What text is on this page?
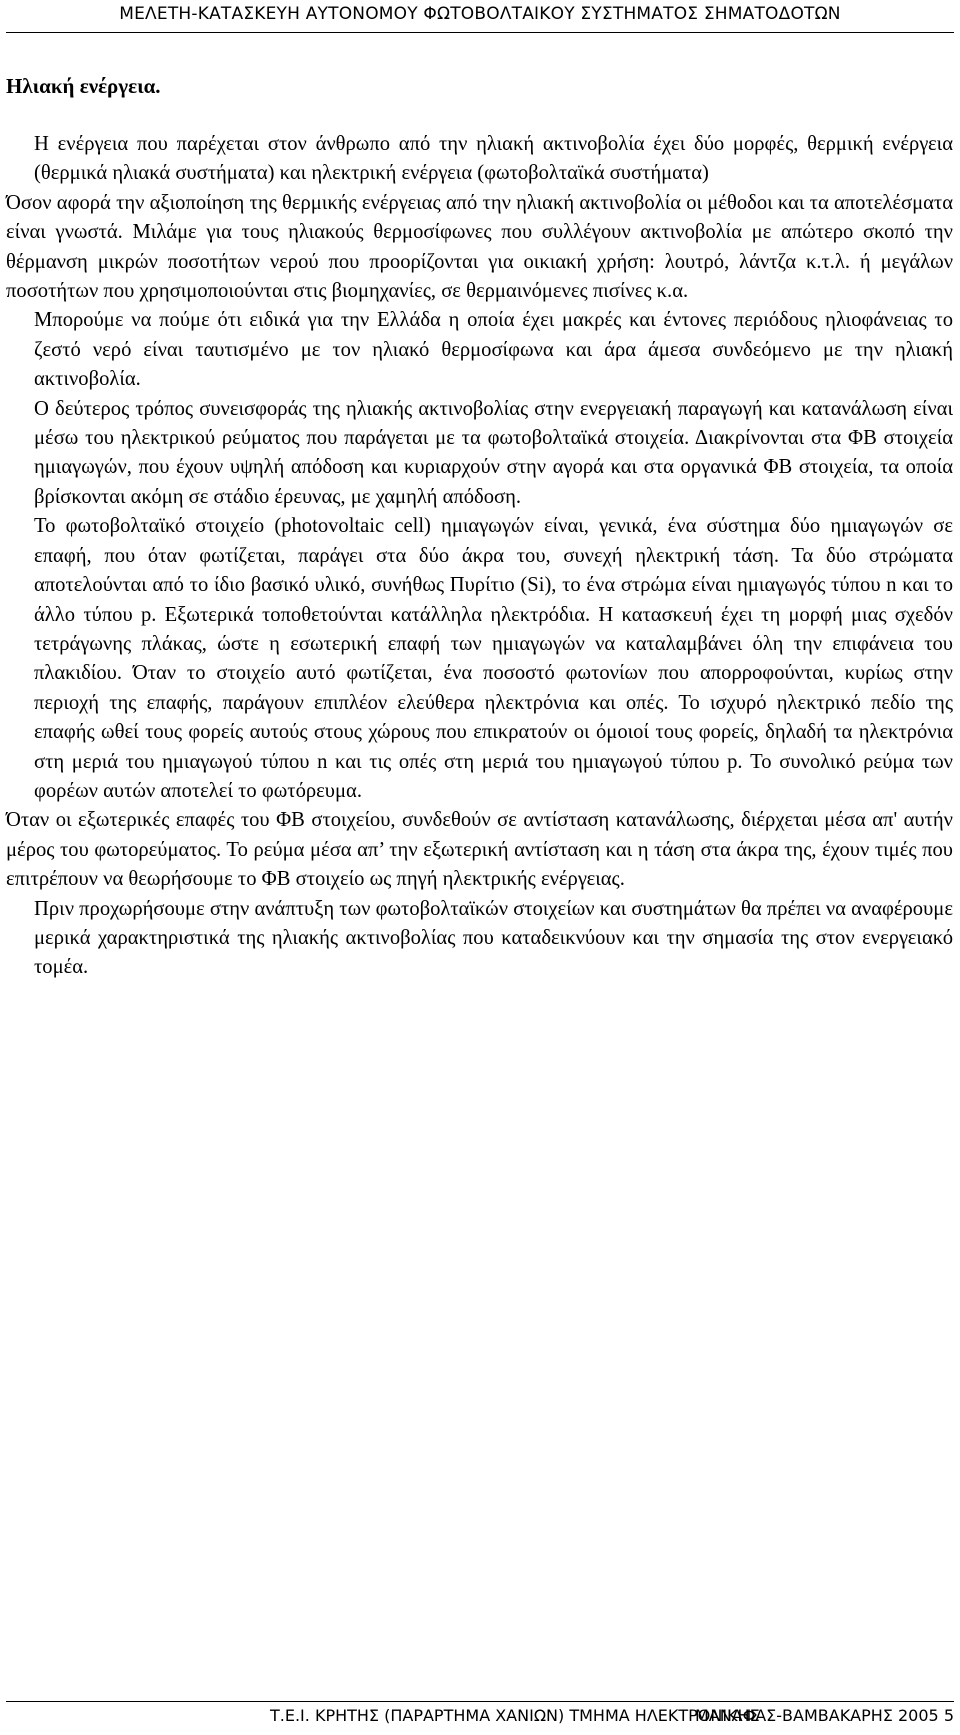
ΜΕΛΕΤΗ-ΚΑΤΑΣΚΕΥΗ ΑΥΤΟΝΟΜΟΥ ΦΩΤΟΒΟΛΤΑΙΚΟΥ ΣΥΣΤΗΜΑΤΟΣ ΣΗΜΑΤΟΔΟΤΩΝ
Ηλιακή ενέργεια.

Η ενέργεια που παρέχεται στον άνθρωπο από την ηλιακή ακτινοβολία έχει δύο μορφές, θερμική ενέργεια (θερμικά ηλιακά συστήματα) και ηλεκτρική ενέργεια (φωτοβολταϊκά συστήματα)

Όσον αφορά την αξιοποίηση της θερμικής ενέργειας από την ηλιακή ακτινοβολία οι μέθοδοι και τα αποτελέσματα είναι γνωστά. Μιλάμε για τους ηλιακούς θερμοσίφωνες που συλλέγουν ακτινοβολία με απώτερο σκοπό την θέρμανση μικρών ποσοτήτων νερού που προορίζονται για οικιακή χρήση: λουτρό, λάντζα κ.τ.λ. ή μεγάλων ποσοτήτων που χρησιμοποιούνται στις βιομηχανίες, σε θερμαινόμενες πισίνες κ.α.

Μπορούμε να πούμε ότι ειδικά για την Ελλάδα η οποία έχει μακρές και έντονες περιόδους ηλιοφάνειας το ζεστό νερό είναι ταυτισμένο με τον ηλιακό θερμοσίφωνα και άρα άμεσα συνδεόμενο με την ηλιακή ακτινοβολία.

Ο δεύτερος τρόπος συνεισφοράς της ηλιακής ακτινοβολίας στην ενεργειακή παραγωγή και κατανάλωση είναι μέσω του ηλεκτρικού ρεύματος που παράγεται με τα φωτοβολταϊκά στοιχεία. Διακρίνονται στα ΦΒ στοιχεία ημιαγωγών, που έχουν υψηλή απόδοση και κυριαρχούν στην αγορά και στα οργανικά ΦΒ στοιχεία, τα οποία βρίσκονται ακόμη σε στάδιο έρευνας, με χαμηλή απόδοση.

Το φωτοβολταϊκό στοιχείο (photovoltaic cell) ημιαγωγών είναι, γενικά, ένα σύστημα δύο ημιαγωγών σε επαφή, που όταν φωτίζεται, παράγει στα δύο άκρα του, συνεχή ηλεκτρική τάση. Τα δύο στρώματα αποτελούνται από το ίδιο βασικό υλικό, συνήθως Πυρίτιο (Si), το ένα στρώμα είναι ημιαγωγός τύπου n και το άλλο τύπου p. Εξωτερικά τοποθετούνται κατάλληλα ηλεκτρόδια. Η κατασκευή έχει τη μορφή μιας σχεδόν τετράγωνης πλάκας, ώστε η εσωτερική επαφή των ημιαγωγών να καταλαμβάνει όλη την επιφάνεια του πλακιδίου. Όταν το στοιχείο αυτό φωτίζεται, ένα ποσοστό φωτονίων που απορροφούνται, κυρίως στην περιοχή της επαφής, παράγουν επιπλέον ελεύθερα ηλεκτρόνια και οπές. Το ισχυρό ηλεκτρικό πεδίο της επαφής ωθεί τους φορείς αυτούς στους χώρους που επικρατούν οι όμοιοί τους φορείς, δηλαδή τα ηλεκτρόνια στη μεριά του ημιαγωγού τύπου n και τις οπές στη μεριά του ημιαγωγού τύπου p. Το συνολικό ρεύμα των φορέων αυτών αποτελεί το φωτόρευμα.

Όταν οι εξωτερικές επαφές του ΦΒ στοιχείου, συνδεθούν σε αντίσταση κατανάλωσης, διέρχεται μέσα απ' αυτήν μέρος του φωτορεύματος. Το ρεύμα μέσα απ’ την εξωτερική αντίσταση και η τάση στα άκρα της, έχουν τιμές που επιτρέπουν να θεωρήσουμε το ΦΒ στοιχείο ως πηγή ηλεκτρικής ενέργειας.

Πριν προχωρήσουμε στην ανάπτυξη των φωτοβολταϊκών στοιχείων και συστημάτων θα πρέπει να αναφέρουμε μερικά χαρακτηριστικά της ηλιακής ακτινοβολίας που καταδεικνύουν και την σημασία της στον ενεργειακό τομέα.

Τ.Ε.Ι. ΚΡΗΤΗΣ (ΠΑΡΑΡΤΗΜΑ ΧΑΝΙΩΝ) ΤΜΗΜΑ ΗΛΕΚΤΡΟΝΙΚΗΣ
ΜΑΝΑΦΑΣ-ΒΑΜΒΑΚΑΡΗΣ 2005 5
